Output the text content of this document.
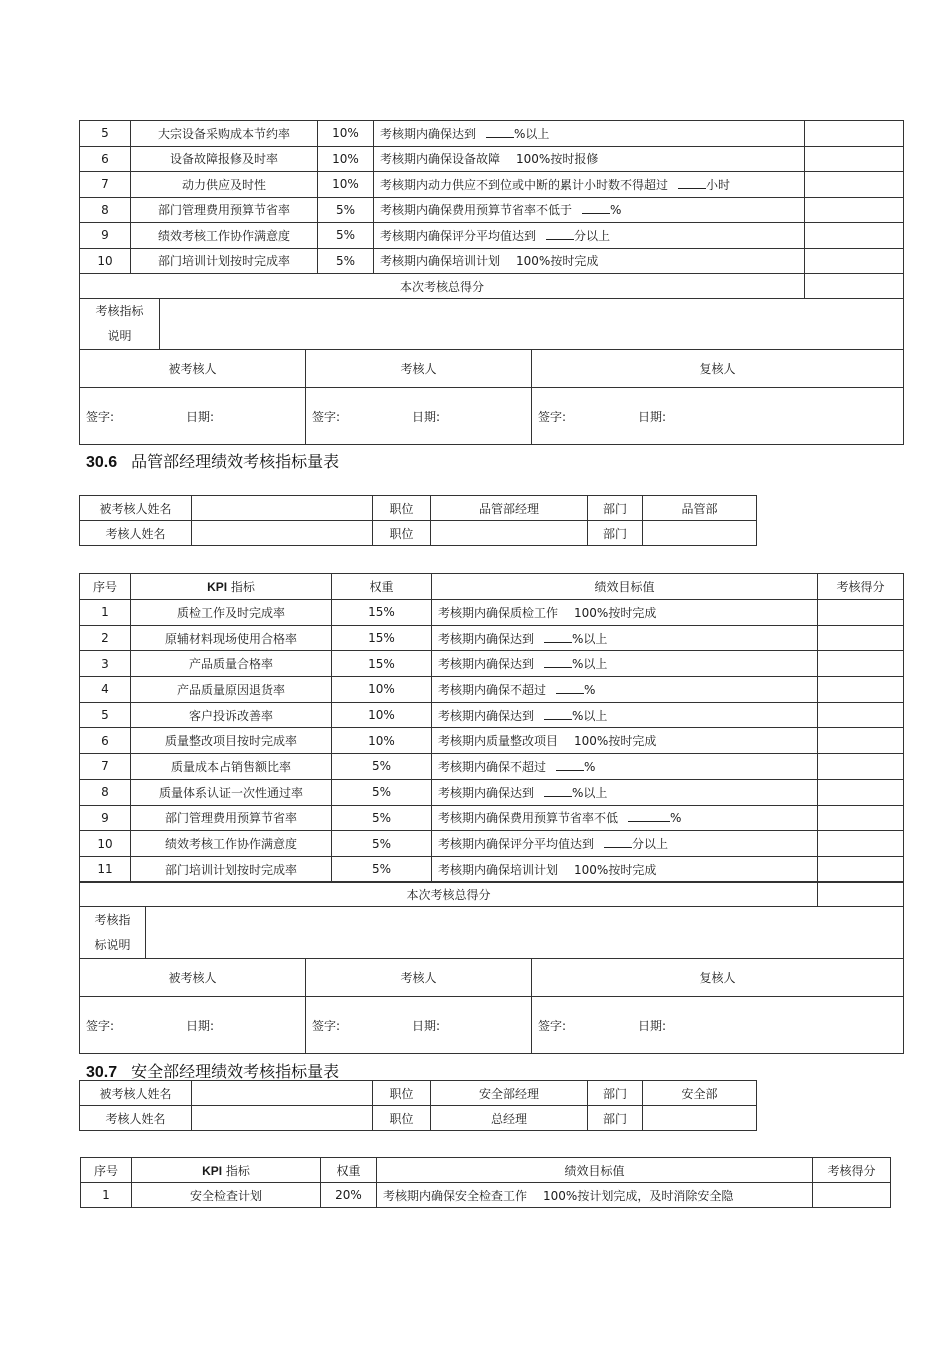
5	大宗设备采购成本节约率	10%	考核期内确保达到 %以上	
6	设备故障报修及时率	10%	考核期内确保设备故障 100%按时报修	
7	动力供应及时性	10%	考核期内动力供应不到位或中断的累计小时数不得超过 小时	
8	部门管理费用预算节省率	5%	考核期内确保费用预算节省率不低于 %	
9	绩效考核工作协作满意度	5%	考核期内确保评分平均值达到 分以上	
10	部门培训计划按时完成率	5%	考核期内确保培训计划 100%按时完成	
本次考核总得分	
考核指标
说明	
被考核人	考核人	复核人
签字: 日期:	签字: 日期:	签字: 日期:
30.6 品管部经理绩效考核指标量表
被考核人姓名		职位	品管部经理	部门	品管部
考核人姓名		职位		部门	
序号	KPI 指标	权重	绩效目标值	考核得分
1	质检工作及时完成率	15%	考核期内确保质检工作 100%按时完成	
2	原辅材料现场使用合格率	15%	考核期内确保达到 %以上	
3	产品质量合格率	15%	考核期内确保达到 %以上	
4	产品质量原因退货率	10%	考核期内确保不超过 %	
5	客户投诉改善率	10%	考核期内确保达到 %以上	
6	质量整改项目按时完成率	10%	考核期内质量整改项目 100%按时完成	
7	质量成本占销售额比率	5%	考核期内确保不超过 %	
8	质量体系认证一次性通过率	5%	考核期内确保达到 %以上	
9	部门管理费用预算节省率	5%	考核期内确保费用预算节省率不低 %	
10	绩效考核工作协作满意度	5%	考核期内确保评分平均值达到 分以上	
11	部门培训计划按时完成率	5%	考核期内确保培训计划 100%按时完成	
本次考核总得分	
考核指
标说明	
被考核人	考核人	复核人
签字: 日期:	签字: 日期:	签字: 日期:
30.7 安全部经理绩效考核指标量表
被考核人姓名		职位	安全部经理	部门	安全部
考核人姓名		职位	总经理	部门	
序号	KPI 指标	权重	绩效目标值	考核得分
1	安全检查计划	20%	考核期内确保安全检查工作 100%按计划完成，及时消除安全隐	
